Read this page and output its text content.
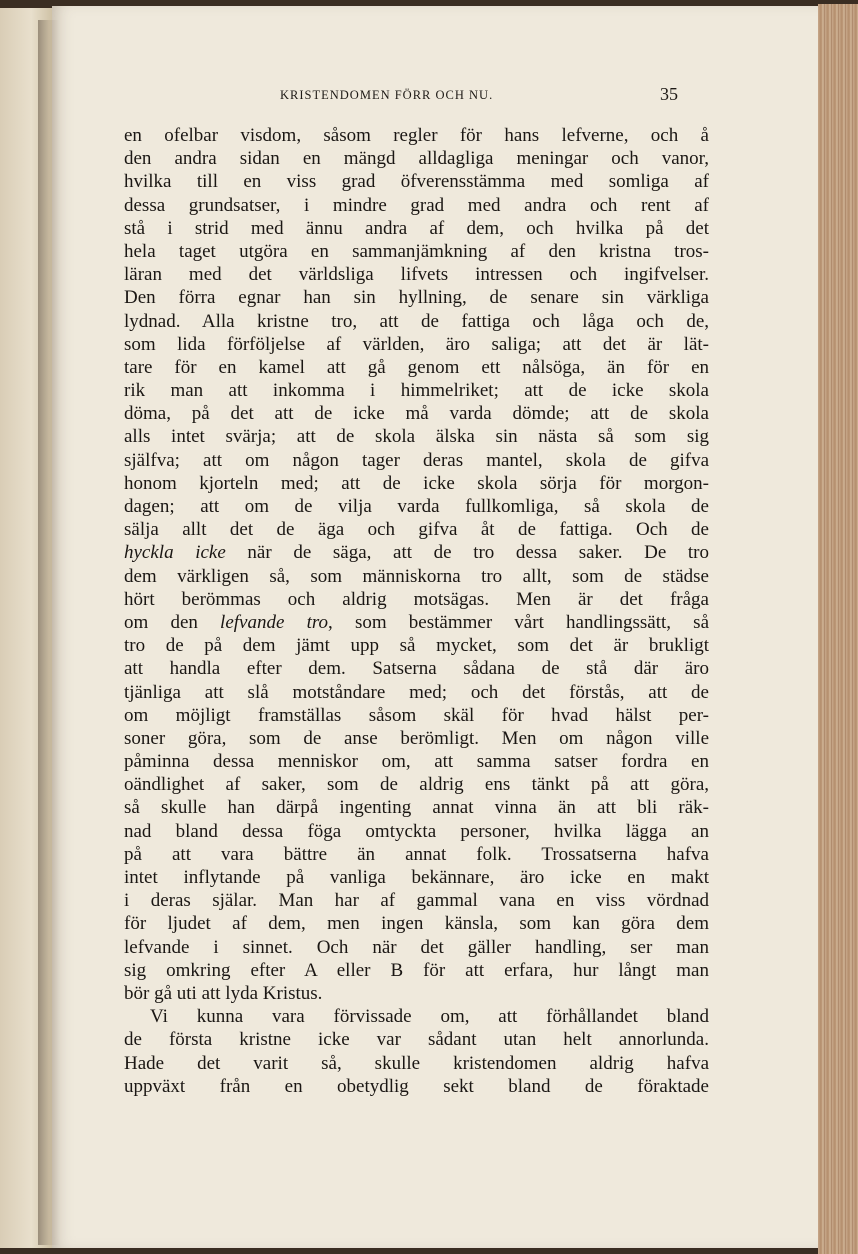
KRISTENDOMEN FÖRR OCH NU.	35
en ofelbar visdom, såsom regler för hans lefverne, och å
den andra sidan en mängd alldagliga meningar och vanor,
hvilka till en viss grad öfverensstämma med somliga af
dessa grundsatser, i mindre grad med andra och rent af
stå i strid med ännu andra af dem, och hvilka på det
hela taget utgöra en sammanjämkning af den kristna tros-
läran med det världsliga lifvets intressen och ingifvelser.
Den förra egnar han sin hyllning, de senare sin värkliga
lydnad. Alla kristne tro, att de fattiga och låga och de,
som lida förföljelse af världen, äro saliga; att det är lät-
tare för en kamel att gå genom ett nålsöga, än för en
rik man att inkomma i himmelriket; att de icke skola
döma, på det att de icke må varda dömde; att de skola
alls intet svärja; att de skola älska sin nästa så som sig
själfva; att om någon tager deras mantel, skola de gifva
honom kjorteln med; att de icke skola sörja för morgon-
dagen; att om de vilja varda fullkomliga, så skola de
sälja allt det de äga och gifva åt de fattiga. Och de
hyckla icke när de säga, att de tro dessa saker. De tro
dem värkligen så, som människorna tro allt, som de städse
hört berömmas och aldrig motsägas. Men är det fråga
om den lefvande tro, som bestämmer vårt handlingssätt, så
tro de på dem jämt upp så mycket, som det är brukligt
att handla efter dem. Satserna sådana de stå där äro
tjänliga att slå motståndare med; och det förstås, att de
om möjligt framställas såsom skäl för hvad hälst per-
soner göra, som de anse berömligt. Men om någon ville
påminna dessa menniskor om, att samma satser fordra en
oändlighet af saker, som de aldrig ens tänkt på att göra,
så skulle han därpå ingenting annat vinna än att bli räk-
nad bland dessa föga omtyckta personer, hvilka lägga an
på att vara bättre än annat folk. Trossatserna hafva
intet inflytande på vanliga bekännare, äro icke en makt
i deras själar. Man har af gammal vana en viss vördnad
för ljudet af dem, men ingen känsla, som kan göra dem
lefvande i sinnet. Och när det gäller handling, ser man
sig omkring efter A eller B för att erfara, hur långt man
bör gå uti att lyda Kristus.
Vi kunna vara förvissade om, att förhållandet bland
de första kristne icke var sådant utan helt annorlunda.
Hade det varit så, skulle kristendomen aldrig hafva
uppväxt från en obetydlig sekt bland de föraktade
